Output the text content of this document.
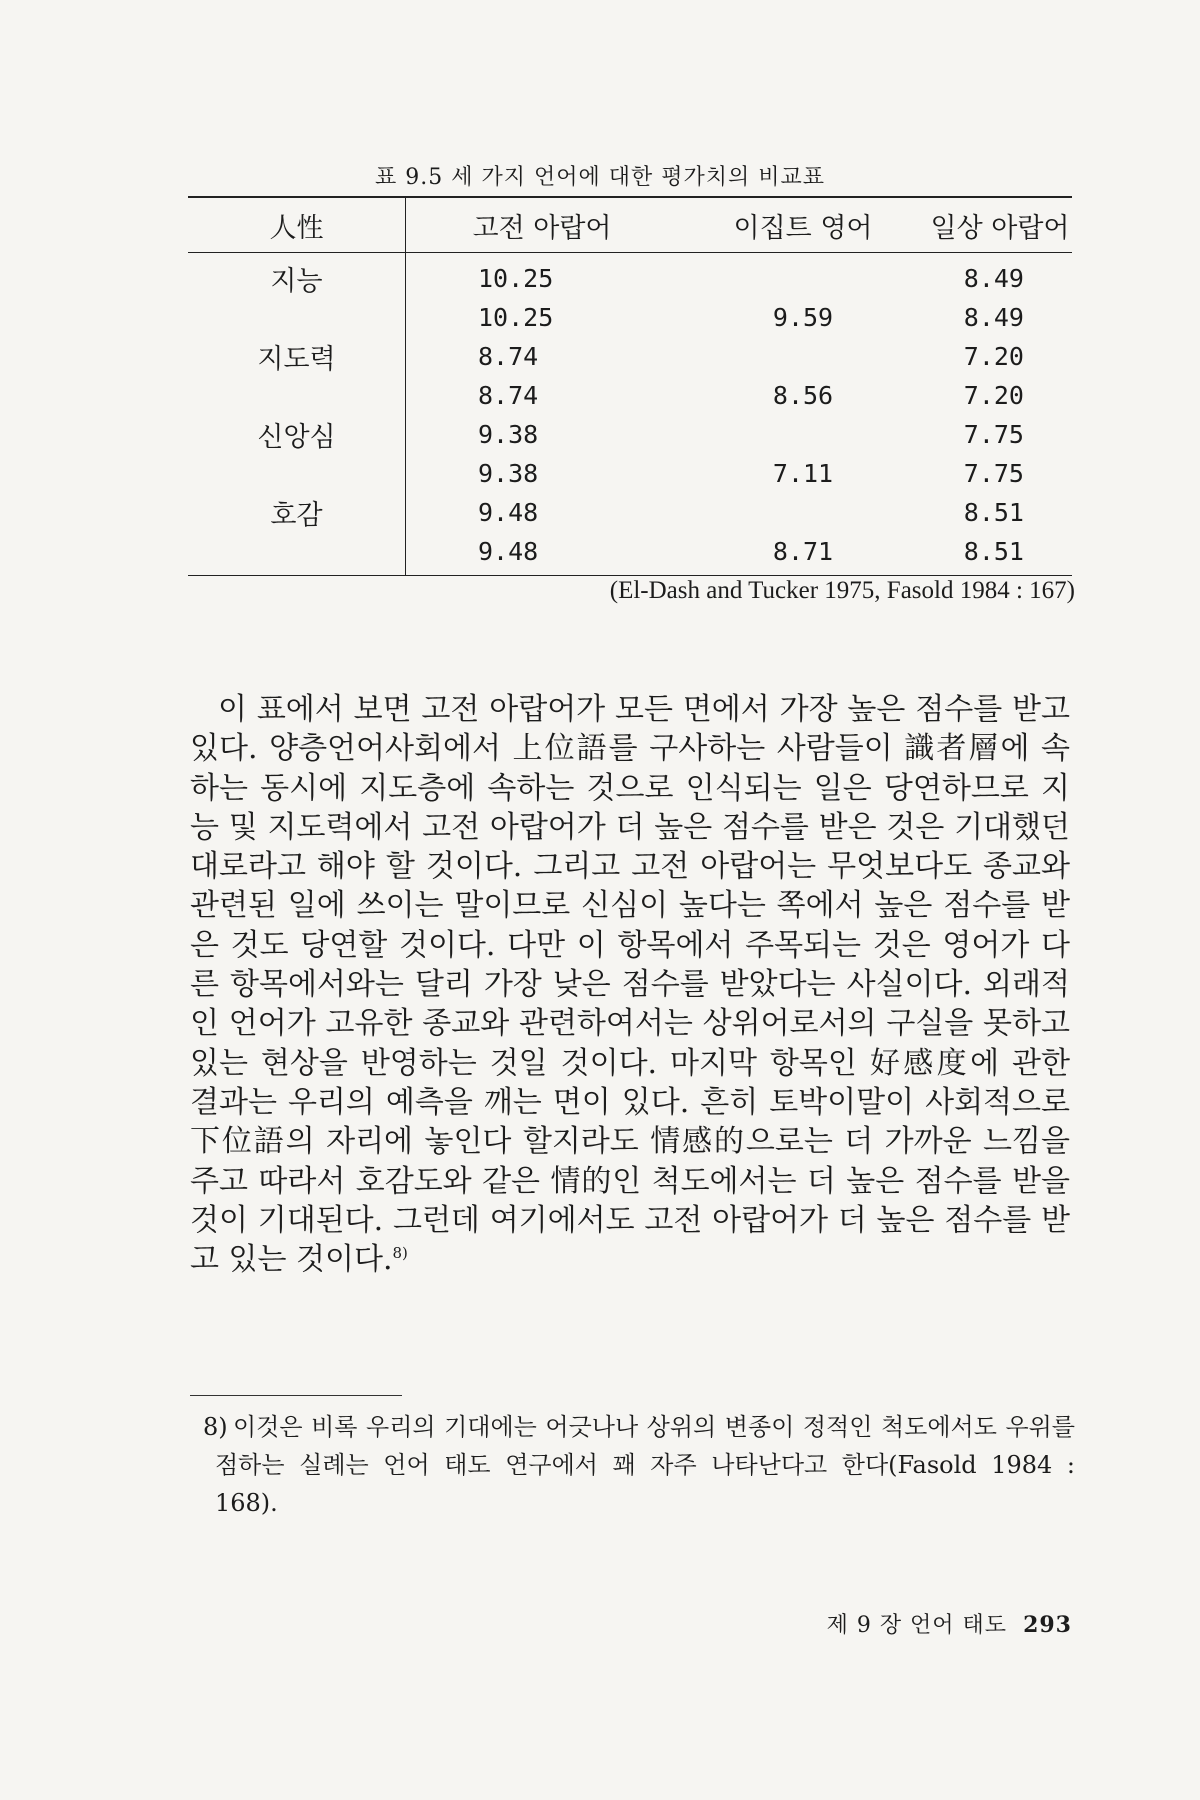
표 9.5 세 가지 언어에 대한 평가치의 비교표
人性	고전 아랍어	이집트 영어	일상 아랍어
지능	10.25		8.49
	10.25	9.59	8.49
지도력	8.74		7.20
	8.74	8.56	7.20
신앙심	9.38		7.75
	9.38	7.11	7.75
호감	9.48		8.51
	9.48	8.71	8.51
(El-Dash and Tucker 1975, Fasold 1984 : 167)

이 표에서 보면 고전 아랍어가 모든 면에서 가장 높은 점수를 받고 있다. 양층언어사회에서 上位語를 구사하는 사람들이 識者層에 속하는 동시에 지도층에 속하는 것으로 인식되는 일은 당연하므로 지능 및 지도력에서 고전 아랍어가 더 높은 점수를 받은 것은 기대했던 대로라고 해야 할 것이다. 그리고 고전 아랍어는 무엇보다도 종교와 관련된 일에 쓰이는 말이므로 신심이 높다는 쪽에서 높은 점수를 받은 것도 당연할 것이다. 다만 이 항목에서 주목되는 것은 영어가 다른 항목에서와는 달리 가장 낮은 점수를 받았다는 사실이다. 외래적인 언어가 고유한 종교와 관련하여서는 상위어로서의 구실을 못하고 있는 현상을 반영하는 것일 것이다. 마지막 항목인 好感度에 관한 결과는 우리의 예측을 깨는 면이 있다. 흔히 토박이말이 사회적으로 下位語의 자리에 놓인다 할지라도 情感的으로는 더 가까운 느낌을 주고 따라서 호감도와 같은 情的인 척도에서는 더 높은 점수를 받을 것이 기대된다. 그런데 여기에서도 고전 아랍어가 더 높은 점수를 받고 있는 것이다.$^{8)}$

8) 이것은 비록 우리의 기대에는 어긋나나 상위의 변종이 정적인 척도에서도 우위를 점하는 실례는 언어 태도 연구에서 꽤 자주 나타난다고 한다(Fasold 1984 : 168).
제 9 장 언어 태도 293
